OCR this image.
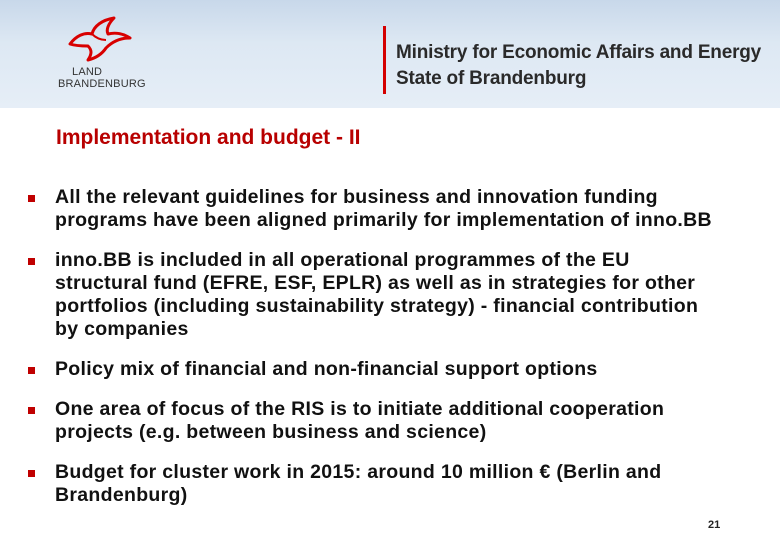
LAND
BRANDENBURG
Ministry for Economic Affairs and Energy
State of Brandenburg
Implementation and budget - II
All the relevant guidelines for business and innovation funding programs have been aligned primarily for implementation of inno.BB
inno.BB is included in all operational programmes of the EU structural fund (EFRE, ESF, EPLR) as well as in strategies for other portfolios (including sustainability strategy) - financial contribution by companies
Policy mix of financial and non-financial support options
One area of focus of the RIS is to initiate additional cooperation projects (e.g. between business and science)
Budget for cluster work in 2015: around 10 million € (Berlin and Brandenburg)
21
